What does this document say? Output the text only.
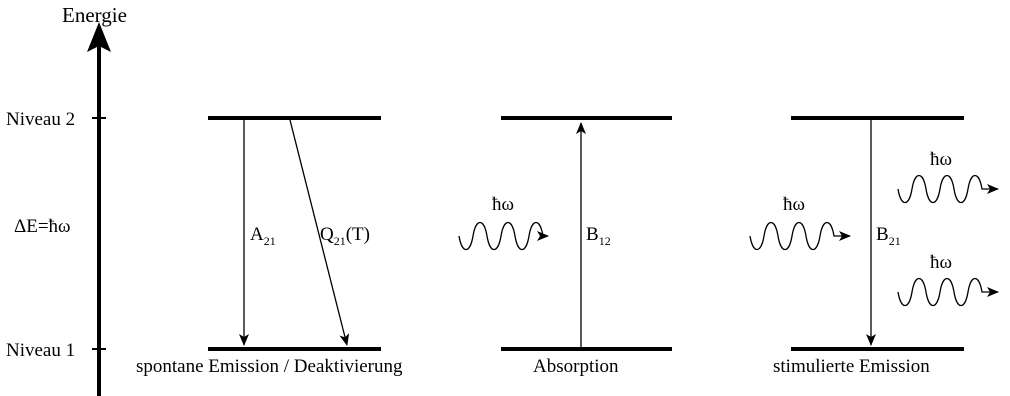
Energie
Niveau 2
Niveau 1
ΔE=ħω	$A_{21}$ $Q_{21}(T)$
spontane Emission / Deaktivierung
$B_{12}$
ħω
Absorption
$B_{21}$
ħω
ħω
ħω
stimulierte Emission
